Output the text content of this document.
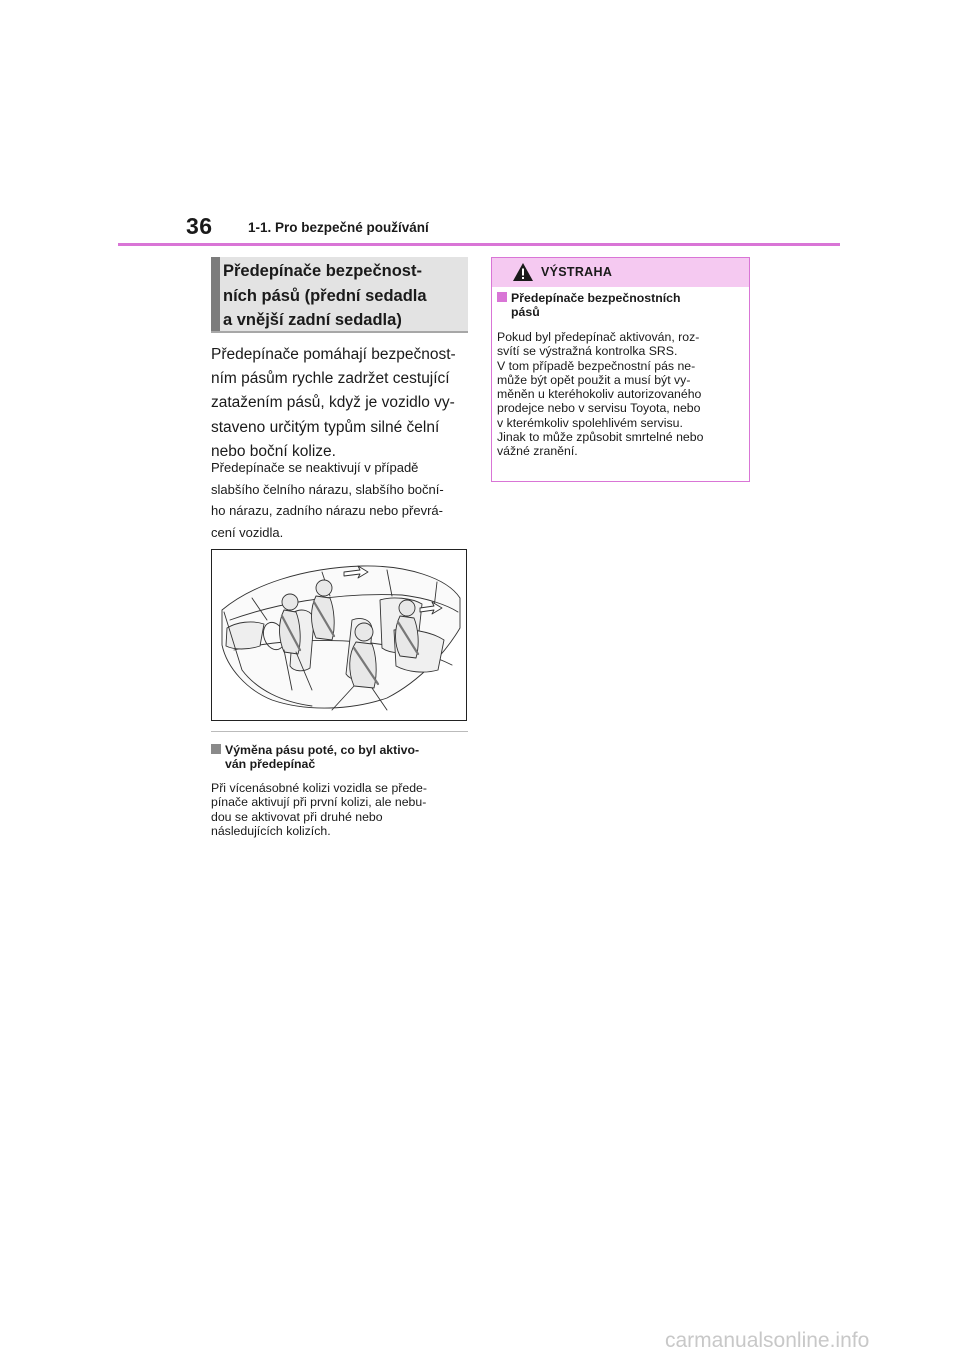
36	1-1. Pro bezpečné používání
Předepínače bezpečnost-
ních pásů (přední sedadla
a vnější zadní sedadla)
Předepínače pomáhají bezpečnost-
ním pásům rychle zadržet cestující
zatažením pásů, když je vozidlo vy-
staveno určitým typům silné čelní
nebo boční kolize.
Předepínače se neaktivují v případě
slabšího čelního nárazu, slabšího boční-
ho nárazu, zadního nárazu nebo převrá-
cení vozidla.
Výměna pásu poté, co byl aktivo-
ván předepínač
Při vícenásobné kolizi vozidla se přede-
pínače aktivují při první kolizi, ale nebu-
dou se aktivovat při druhé nebo
následujících kolizích.
VÝSTRAHA
Předepínače bezpečnostních
pásů
Pokud byl předepínač aktivován, roz-
svítí se výstražná kontrolka SRS.
V tom případě bezpečnostní pás ne-
může být opět použit a musí být vy-
měněn u kteréhokoliv autorizovaného
prodejce nebo v servisu Toyota, nebo
v kterémkoliv spolehlivém servisu.
Jinak to může způsobit smrtelné nebo
vážné zranění.
carmanualsonline.info
